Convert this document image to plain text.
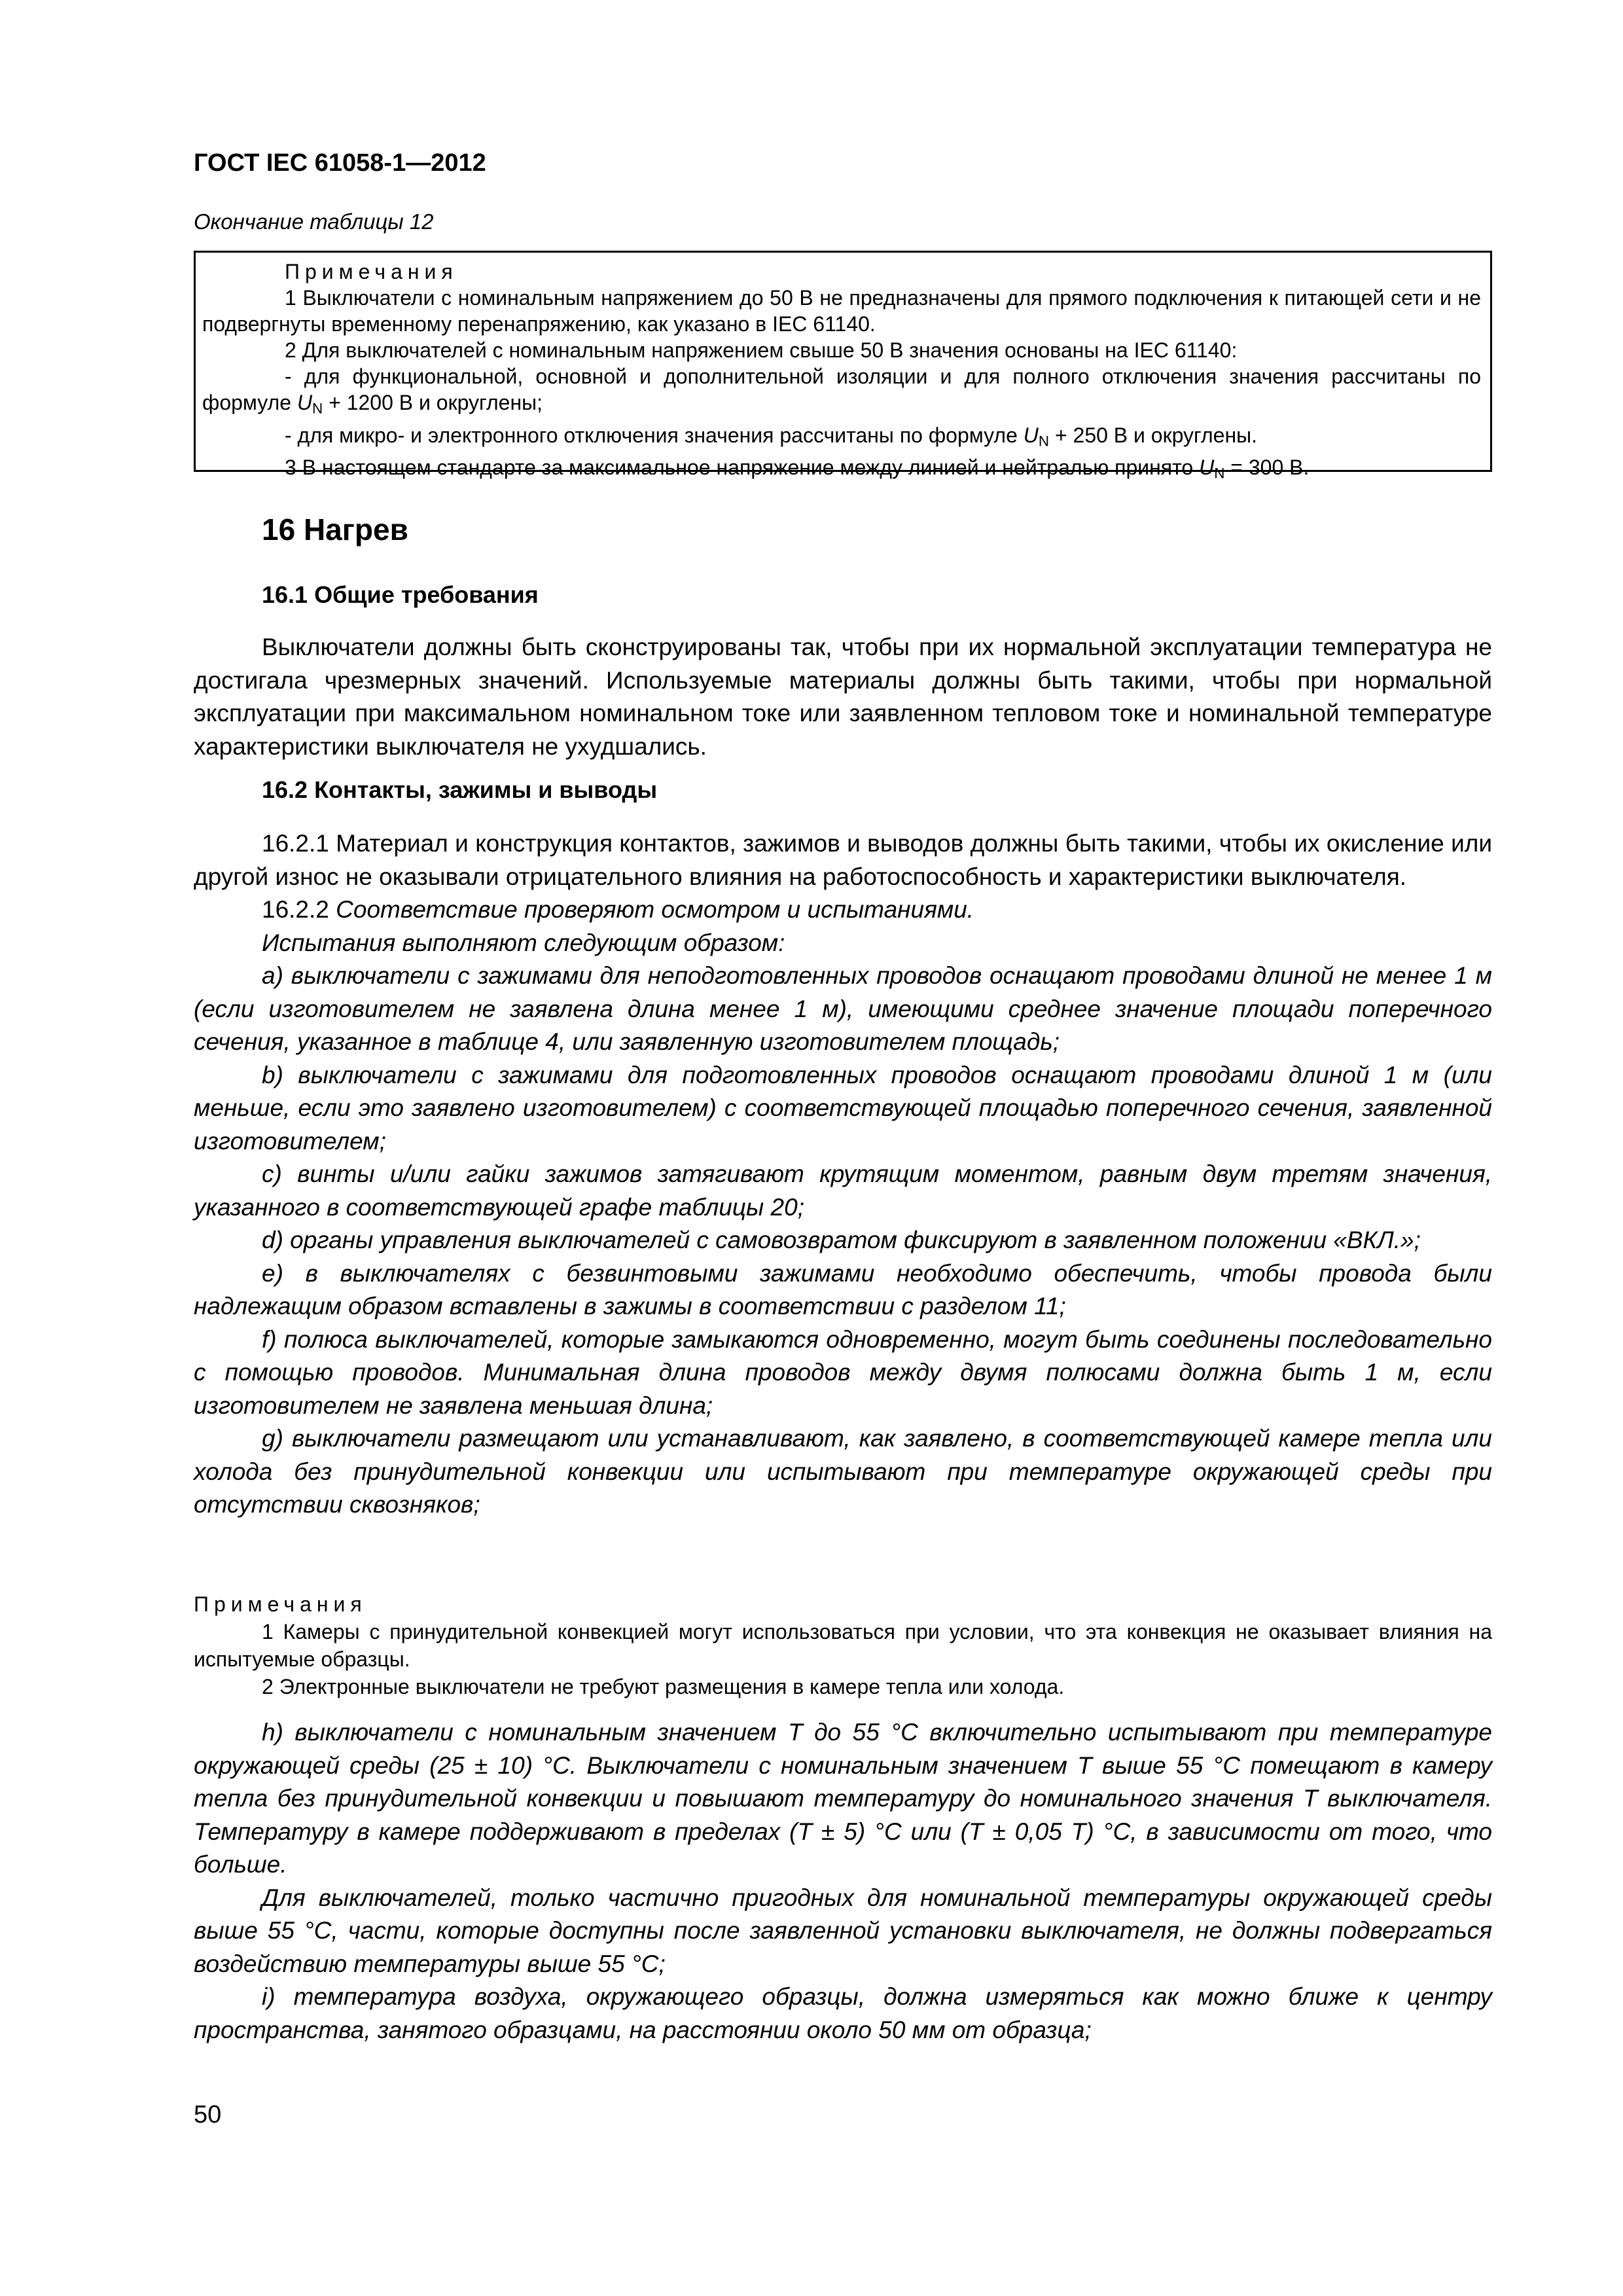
ГОСТ IEC 61058-1—2012
Окончание таблицы 12

Примечания

1 Выключатели с номинальным напряжением до 50 В не предназначены для прямого подключения к питающей сети и не подвергнуты временному перенапряжению, как указано в IEC 61140.

2 Для выключателей с номинальным напряжением свыше 50 В значения основаны на IEC 61140:

- для функциональной, основной и дополнительной изоляции и для полного отключения значения рассчитаны по формуле $U_N + 1200$ В и округлены;

- для микро- и электронного отключения значения рассчитаны по формуле $U_N + 250$ В и округлены.

3 В настоящем стандарте за максимальное напряжение между линией и нейтралью принято $U_N = 300$ В.

16 Нагрев
16.1 Общие требования

Выключатели должны быть сконструированы так, чтобы при их нормальной эксплуатации температура не достигала чрезмерных значений. Используемые материалы должны быть такими, чтобы при нормальной эксплуатации при максимальном номинальном токе или заявленном тепловом токе и номинальной температуре характеристики выключателя не ухудшались.

16.2 Контакты, зажимы и выводы

16.2.1 Материал и конструкция контактов, зажимов и выводов должны быть такими, чтобы их окисление или другой износ не оказывали отрицательного влияния на работоспособность и характеристики выключателя.

16.2.2 Соответствие проверяют осмотром и испытаниями.

Испытания выполняют следующим образом:

а) выключатели с зажимами для неподготовленных проводов оснащают проводами длиной не менее 1 м (если изготовителем не заявлена длина менее 1 м), имеющими среднее значение площади поперечного сечения, указанное в таблице 4, или заявленную изготовителем площадь;

b) выключатели с зажимами для подготовленных проводов оснащают проводами длиной 1 м (или меньше, если это заявлено изготовителем) с соответствующей площадью поперечного сечения, заявленной изготовителем;

c) винты и/или гайки зажимов затягивают крутящим моментом, равным двум третям значения, указанного в соответствующей графе таблицы 20;

d) органы управления выключателей с самовозвратом фиксируют в заявленном положении «ВКЛ.»;

e) в выключателях с безвинтовыми зажимами необходимо обеспечить, чтобы провода были надлежащим образом вставлены в зажимы в соответствии с разделом 11;

f) полюса выключателей, которые замыкаются одновременно, могут быть соединены последовательно с помощью проводов. Минимальная длина проводов между двумя полюсами должна быть 1 м, если изготовителем не заявлена меньшая длина;

g) выключатели размещают или устанавливают, как заявлено, в соответствующей камере тепла или холода без принудительной конвекции или испытывают при температуре окружающей среды при отсутствии сквозняков;

Примечания

1 Камеры с принудительной конвекцией могут использоваться при условии, что эта конвекция не оказывает влияния на испытуемые образцы.

2 Электронные выключатели не требуют размещения в камере тепла или холода.

h) выключатели с номинальным значением T до 55 °C включительно испытывают при температуре окружающей среды (25 ± 10) °C. Выключатели с номинальным значением T выше 55 °C помещают в камеру тепла без принудительной конвекции и повышают температуру до номинального значения T выключателя. Температуру в камере поддерживают в пределах (T ± 5) °C или (T ± 0,05 T) °C, в зависимости от того, что больше.

Для выключателей, только частично пригодных для номинальной температуры окружающей среды выше 55 °C, части, которые доступны после заявленной установки выключателя, не должны подвергаться воздействию температуры выше 55 °C;

i) температура воздуха, окружающего образцы, должна измеряться как можно ближе к центру пространства, занятого образцами, на расстоянии около 50 мм от образца;

50
